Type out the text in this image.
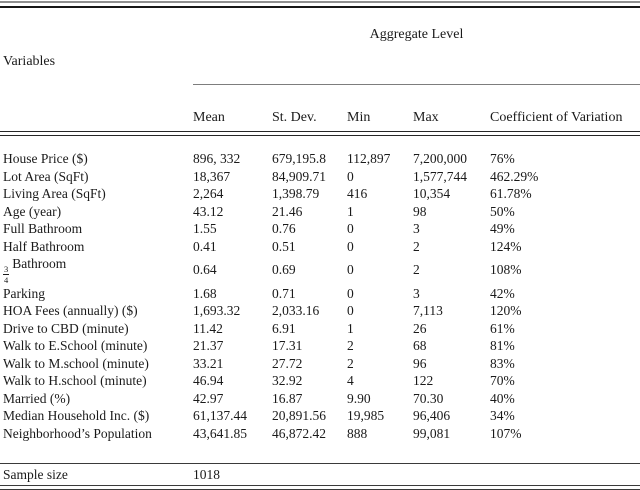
Variables	Aggregate Level				
	Mean	St. Dev.	Min	Max	Coefficient of Variation

House Price ($)	896, 332	679,195.8	112,897	7,200,000	76%
Lot Area (SqFt)	18,367	84,909.71	0	1,577,744	462.29%
Living Area (SqFt)	2,264	1,398.79	416	10,354	61.78%
Age (year)	43.12	21.46	1	98	50%
Full Bathroom	1.55	0.76	0	3	49%
Half Bathroom	0.41	0.51	0	2	124%

$\frac{3}{4}$
Bathroom	0.64	0.69	0	2	108%
Parking	1.68	0.71	0	3	42%
HOA Fees (annually) ($)	1,693.32	2,033.16	0	7,113	120%
Drive to CBD (minute)	11.42	6.91	1	26	61%
Walk to E.School (minute)	21.37	17.31	2	68	81%
Walk to M.school (minute)	33.21	27.72	2	96	83%
Walk to H.school (minute)	46.94	32.92	4	122	70%
Married (%)	42.97	16.87	9.90	70.30	40%
Median Household Inc. ($)	61,137.44	20,891.56	19,985	96,406	34%
Neighborhood’s Population	43,641.85	46,872.42	888	99,081	107%

Sample size	1018				
